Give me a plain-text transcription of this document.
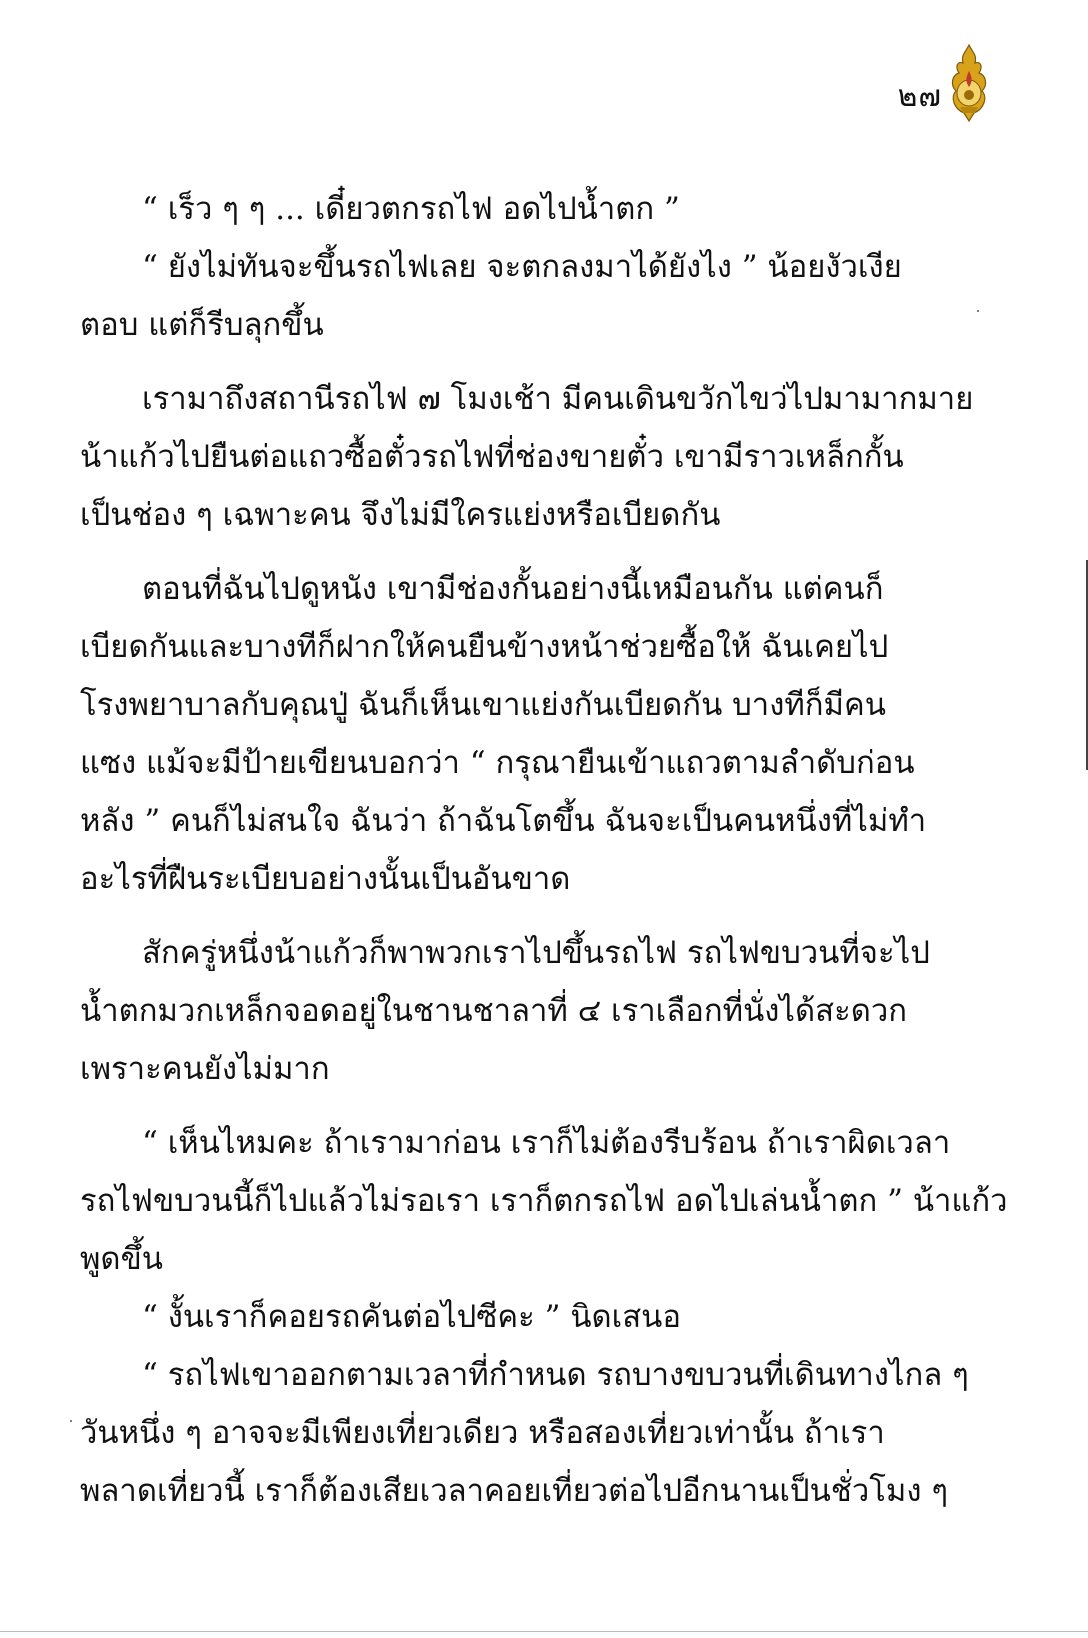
๒๗
“ เร็ว ๆ ๆ ... เดี๋ยวตกรถไฟ อดไปน้ำตก ”
“ ยังไม่ทันจะขึ้นรถไฟเลย จะตกลงมาได้ยังไง ” น้อยงัวเงีย
ตอบ แต่ก็รีบลุกขึ้น
เรามาถึงสถานีรถไฟ ๗ โมงเช้า มีคนเดินขวักไขว่ไปมามากมาย
น้าแก้วไปยืนต่อแถวซื้อตั๋วรถไฟที่ช่องขายตั๋ว เขามีราวเหล็กกั้น
เป็นช่อง ๆ เฉพาะคน จึงไม่มีใครแย่งหรือเบียดกัน
ตอนที่ฉันไปดูหนัง เขามีช่องกั้นอย่างนี้เหมือนกัน แต่คนก็
เบียดกันและบางทีก็ฝากให้คนยืนข้างหน้าช่วยซื้อให้ ฉันเคยไป
โรงพยาบาลกับคุณปู่ ฉันก็เห็นเขาแย่งกันเบียดกัน บางทีก็มีคน
แซง แม้จะมีป้ายเขียนบอกว่า “ กรุณายืนเข้าแถวตามลำดับก่อน
หลัง ” คนก็ไม่สนใจ ฉันว่า ถ้าฉันโตขึ้น ฉันจะเป็นคนหนึ่งที่ไม่ทำ
อะไรที่ฝืนระเบียบอย่างนั้นเป็นอันขาด
สักครู่หนึ่งน้าแก้วก็พาพวกเราไปขึ้นรถไฟ รถไฟขบวนที่จะไป
น้ำตกมวกเหล็กจอดอยู่ในชานชาลาที่ ๔ เราเลือกที่นั่งได้สะดวก
เพราะคนยังไม่มาก
“ เห็นไหมคะ ถ้าเรามาก่อน เราก็ไม่ต้องรีบร้อน ถ้าเราผิดเวลา
รถไฟขบวนนี้ก็ไปแล้วไม่รอเรา เราก็ตกรถไฟ อดไปเล่นน้ำตก ” น้าแก้ว
พูดขึ้น
“ งั้นเราก็คอยรถคันต่อไปซีคะ ” นิดเสนอ
“ รถไฟเขาออกตามเวลาที่กำหนด รถบางขบวนที่เดินทางไกล ๆ
วันหนึ่ง ๆ อาจจะมีเพียงเที่ยวเดียว หรือสองเที่ยวเท่านั้น ถ้าเรา
พลาดเที่ยวนี้ เราก็ต้องเสียเวลาคอยเที่ยวต่อไปอีกนานเป็นชั่วโมง ๆ
